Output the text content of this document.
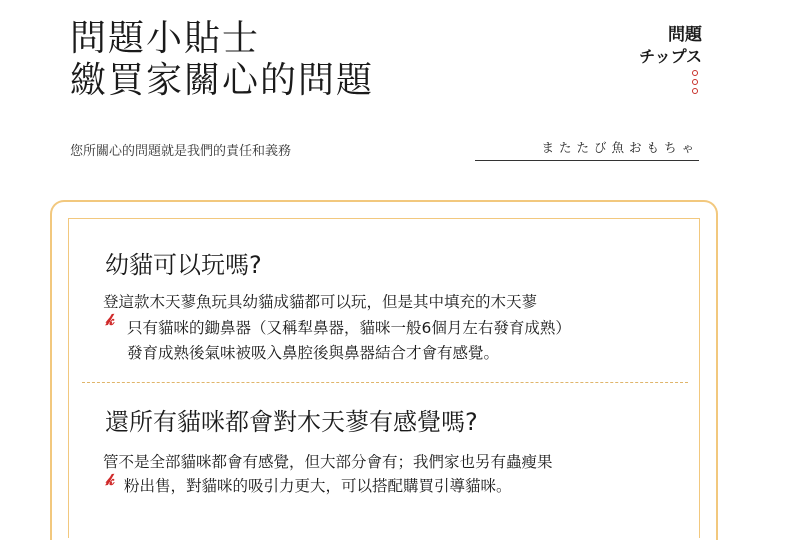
問題小貼士
繳買家關心的問題
問題
チップス
您所關心的問題就是我們的責任和義務	またたび魚おもちゃ
幼貓可以玩嗎?
登這款木天蓼魚玩具幼貓成貓都可以玩，但是其中填充的木天蓼
𝓀 只有貓咪的鋤鼻器（又稱犁鼻器，貓咪一般6個月左右發育成熟）
發育成熟後氣味被吸入鼻腔後與鼻器結合才會有感覺。
還所有貓咪都會對木天蓼有感覺嗎?
管不是全部貓咪都會有感覺，但大部分會有；我們家也另有蟲瘦果
𝓀 粉出售，對貓咪的吸引力更大，可以搭配購買引導貓咪。
